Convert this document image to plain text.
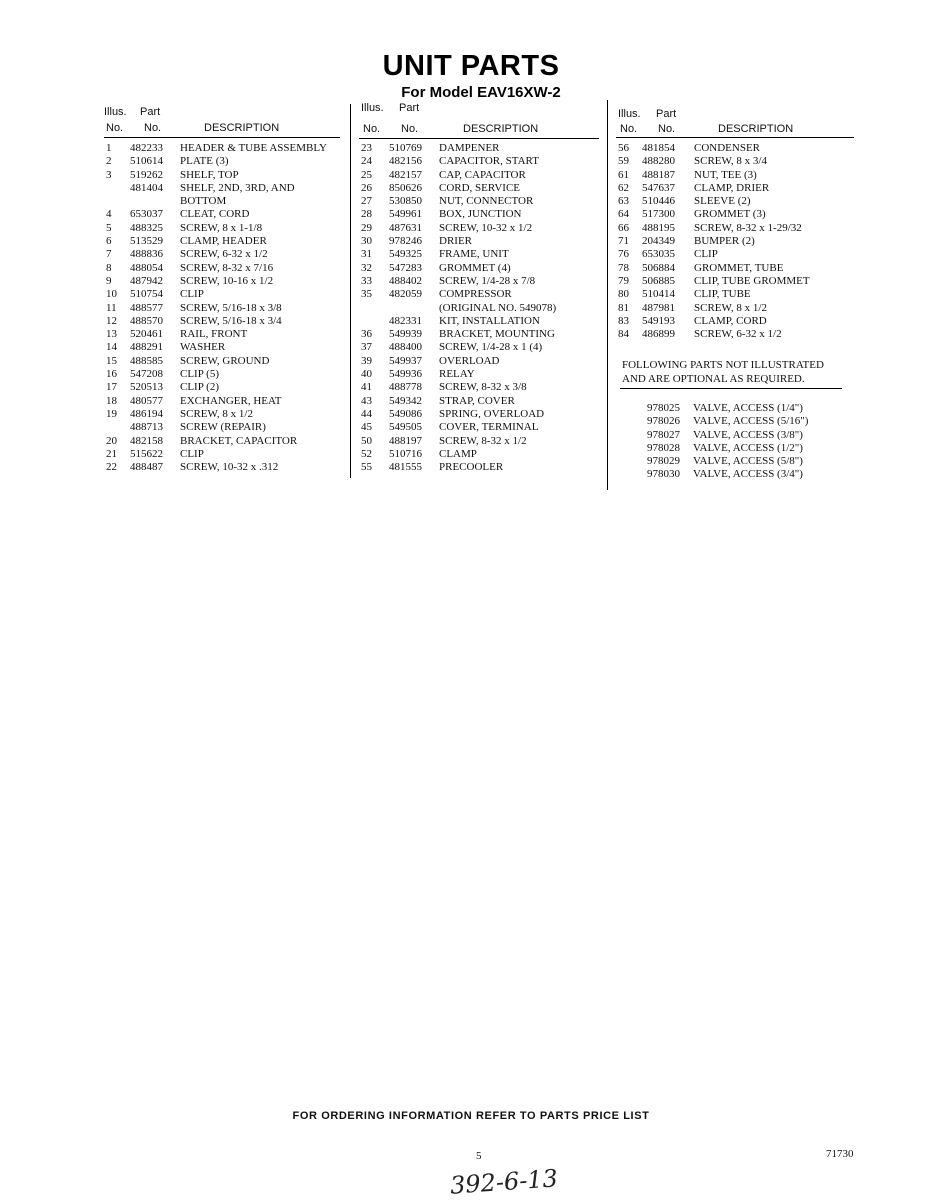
UNIT PARTS
For Model EAV16XW-2
Illus. Part
No. No.	DESCRIPTION
1	482233 HEADER & TUBE ASSEMBLY
2	510614 PLATE (3)
3	519262 SHELF, TOP
481404 SHELF, 2ND, 3RD, AND
BOTTOM
4	653037 CLEAT, CORD
5	488325 SCREW, 8 x 1-1/8
6	513529 CLAMP, HEADER
7	488836 SCREW, 6-32 x 1/2
8	488054 SCREW, 8-32 x 7/16
9	487942 SCREW, 10-16 x 1/2
10 510754 CLIP
11	488577 SCREW, 5/16-18 x 3/8
12 488570 SCREW, 5/16-18 x 3/4
13 520461 RAIL, FRONT
14 488291 WASHER
15 488585 SCREW, GROUND
16 547208 CLIP (5)
17 520513 CLIP (2)
18 480577 EXCHANGER, HEAT
19 486194 SCREW, 8 x 1/2
488713 SCREW (REPAIR)
20 482158 BRACKET, CAPACITOR
21 515622 CLIP
22 488487 SCREW, 10-32 x .312
Illus. Part
No. No.	DESCRIPTION
23	510769 DAMPENER
24	482156 CAPACITOR, START
25	482157 CAP, CAPACITOR
26	850626 CORD, SERVICE
27	530850 NUT, CONNECTOR
28	549961 BOX, JUNCTION
29	487631 SCREW, 10-32 x 1/2
30	978246 DRIER
31	549325 FRAME, UNIT
32	547283 GROMMET (4)
33	488402 SCREW, 1/4-28 x 7/8
35	482059 COMPRESSOR
(ORIGINAL NO. 549078)
482331 KIT, INSTALLATION
36	549939 BRACKET, MOUNTING
37	488400 SCREW, 1/4-28 x 1 (4)
39	549937 OVERLOAD
40	549936 RELAY
41	488778 SCREW, 8-32 x 3/8
43	549342 STRAP, COVER
44	549086 SPRING, OVERLOAD
45	549505 COVER, TERMINAL
50	488197 SCREW, 8-32 x 1/2
52	510716 CLAMP
55	481555 PRECOOLER
Illus. Part
No. No.	DESCRIPTION
56	481854 CONDENSER
59	488280 SCREW, 8 x 3/4
61	488187 NUT, TEE (3)
62	547637 CLAMP, DRIER
63	510446 SLEEVE (2)
64	517300 GROMMET (3)
66	488195 SCREW, 8-32 x 1-29/32
71	204349 BUMPER (2)
76	653035 CLIP
78	506884 GROMMET, TUBE
79	506885 CLIP, TUBE GROMMET
80	510414 CLIP, TUBE
81	487981 SCREW, 8 x 1/2
83	549193 CLAMP, CORD
84	486899 SCREW, 6-32 x 1/2
FOLLOWING PARTS NOT ILLUSTRATED
AND ARE OPTIONAL AS REQUIRED.
978025 VALVE, ACCESS (1/4")
978026 VALVE, ACCESS (5/16")
978027 VALVE, ACCESS (3/8")
978028 VALVE, ACCESS (1/2")
978029 VALVE, ACCESS (5/8")
978030 VALVE, ACCESS (3/4")
FOR ORDERING INFORMATION REFER TO PARTS PRICE LIST
5	71730
392-6-13
